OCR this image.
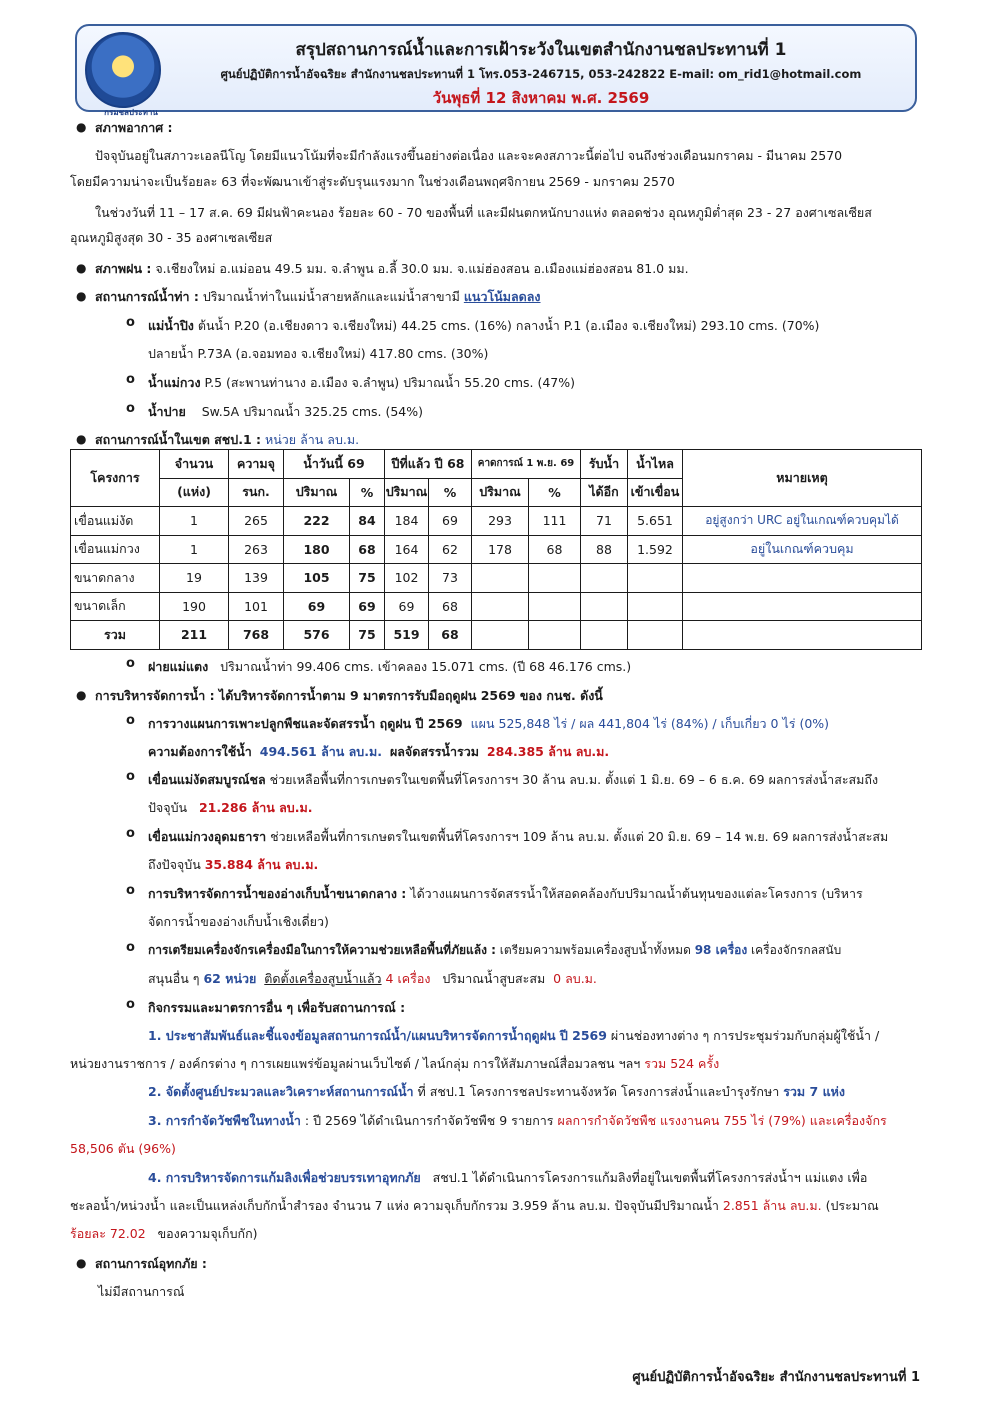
กรมชลประทาน
สรุปสถานการณ์น้ำและการเฝ้าระวังในเขตสำนักงานชลประทานที่ 1
ศูนย์ปฏิบัติการน้ำอัจฉริยะ สำนักงานชลประทานที่ 1 โทร.053-246715, 053-242822 E-mail: om_rid1@hotmail.com
วันพุธที่ 12 สิงหาคม พ.ศ. 2569
● สภาพอากาศ :
ปัจจุบันอยู่ในสภาวะเอลนีโญ โดยมีแนวโน้มที่จะมีกำลังแรงขึ้นอย่างต่อเนื่อง และจะคงสภาวะนี้ต่อไป จนถึงช่วงเดือนมกราคม - มีนาคม 2570
โดยมีความน่าจะเป็นร้อยละ 63 ที่จะพัฒนาเข้าสู่ระดับรุนแรงมาก ในช่วงเดือนพฤศจิกายน 2569 - มกราคม 2570
ในช่วงวันที่ 11 – 17 ส.ค. 69 มีฝนฟ้าคะนอง ร้อยละ 60 - 70 ของพื้นที่ และมีฝนตกหนักบางแห่ง ตลอดช่วง อุณหภูมิต่ำสุด 23 - 27 องศาเซลเซียส
อุณหภูมิสูงสุด 30 - 35 องศาเซลเซียส
● สภาพฝน : จ.เชียงใหม่ อ.แม่ออน 49.5 มม. จ.ลำพูน อ.ลี้ 30.0 มม. จ.แม่ฮ่องสอน อ.เมืองแม่ฮ่องสอน 81.0 มม.
● สถานการณ์น้ำท่า : ปริมาณน้ำท่าในแม่น้ำสายหลักและแม่น้ำสาขามี แนวโน้มลดลง
o แม่น้ำปิง ต้นน้ำ P.20 (อ.เชียงดาว จ.เชียงใหม่) 44.25 cms. (16%) กลางน้ำ P.1 (อ.เมือง จ.เชียงใหม่) 293.10 cms. (70%)
ปลายน้ำ P.73A (อ.จอมทอง จ.เชียงใหม่) 417.80 cms. (30%)
o น้ำแม่กวง P.5 (สะพานท่านาง อ.เมือง จ.ลำพูน) ปริมาณน้ำ 55.20 cms. (47%)
o น้ำปาย Sw.5A ปริมาณน้ำ 325.25 cms. (54%)
● สถานการณ์น้ำในเขต สชป.1 : หน่วย ล้าน ลบ.ม.
โครงการ	จำนวน	ความจุ	น้ำวันนี้ 69		ปีที่แล้ว ปี 68		คาดการณ์ 1 พ.ย. 69		รับน้ำ	น้ำไหล	หมายเหตุ
	(แห่ง)	รนก.	ปริมาณ	%	ปริมาณ	%	ปริมาณ	%	ได้อีก	เข้าเขื่อน	
เขื่อนแม่งัด	1	265	222	84	184	69	293	111	71	5.651	อยู่สูงกว่า URC อยู่ในเกณฑ์ควบคุมได้
เขื่อนแม่กวง	1	263	180	68	164	62	178	68	88	1.592	อยู่ในเกณฑ์ควบคุม
ขนาดกลาง	19	139	105	75	102	73					
ขนาดเล็ก	190	101	69	69	69	68					
รวม	211	768	576	75	519	68					
o ฝายแม่แตง ปริมาณน้ำท่า 99.406 cms. เข้าคลอง 15.071 cms. (ปี 68 46.176 cms.)
● การบริหารจัดการน้ำ : ได้บริหารจัดการน้ำตาม 9 มาตรการรับมือฤดูฝน 2569 ของ กนช. ดังนี้
o การวางแผนการเพาะปลูกพืชและจัดสรรน้ำ ฤดูฝน ปี 2569 แผน 525,848 ไร่ / ผล 441,804 ไร่ (84%) / เก็บเกี่ยว 0 ไร่ (0%)
ความต้องการใช้น้ำ 494.561 ล้าน ลบ.ม. ผลจัดสรรน้ำรวม 284.385 ล้าน ลบ.ม.
o เขื่อนแม่งัดสมบูรณ์ชล ช่วยเหลือพื้นที่การเกษตรในเขตพื้นที่โครงการฯ 30 ล้าน ลบ.ม. ตั้งแต่ 1 มิ.ย. 69 – 6 ธ.ค. 69 ผลการส่งน้ำสะสมถึง
ปัจจุบัน 21.286 ล้าน ลบ.ม.
o เขื่อนแม่กวงอุดมธารา ช่วยเหลือพื้นที่การเกษตรในเขตพื้นที่โครงการฯ 109 ล้าน ลบ.ม. ตั้งแต่ 20 มิ.ย. 69 – 14 พ.ย. 69 ผลการส่งน้ำสะสม
ถึงปัจจุบัน 35.884 ล้าน ลบ.ม.
o การบริหารจัดการน้ำของอ่างเก็บน้ำขนาดกลาง : ได้วางแผนการจัดสรรน้ำให้สอดคล้องกับปริมาณน้ำต้นทุนของแต่ละโครงการ (บริหาร
จัดการน้ำของอ่างเก็บน้ำเชิงเดี่ยว)
o การเตรียมเครื่องจักรเครื่องมือในการให้ความช่วยเหลือพื้นที่ภัยแล้ง : เตรียมความพร้อมเครื่องสูบน้ำทั้งหมด 98 เครื่อง เครื่องจักรกลสนับ
สนุนอื่น ๆ 62 หน่วย ติดตั้งเครื่องสูบน้ำแล้ว 4 เครื่อง ปริมาณน้ำสูบสะสม 0 ลบ.ม.
o กิจกรรมและมาตรการอื่น ๆ เพื่อรับสถานการณ์ :
1. ประชาสัมพันธ์และชี้แจงข้อมูลสถานการณ์น้ำ/แผนบริหารจัดการน้ำฤดูฝน ปี 2569 ผ่านช่องทางต่าง ๆ การประชุมร่วมกับกลุ่มผู้ใช้น้ำ /
หน่วยงานราชการ / องค์กรต่าง ๆ การเผยแพร่ข้อมูลผ่านเว็บไซต์ / ไลน์กลุ่ม การให้สัมภาษณ์สื่อมวลชน ฯลฯ รวม 524 ครั้ง
2. จัดตั้งศูนย์ประมวลและวิเคราะห์สถานการณ์น้ำ ที่ สชป.1 โครงการชลประทานจังหวัด โครงการส่งน้ำและบำรุงรักษา รวม 7 แห่ง
3. การกำจัดวัชพืชในทางน้ำ : ปี 2569 ได้ดำเนินการกำจัดวัชพืช 9 รายการ ผลการกำจัดวัชพืช แรงงานคน 755 ไร่ (79%) และเครื่องจักร
58,506 ตัน (96%)
4. การบริหารจัดการแก้มลิงเพื่อช่วยบรรเทาอุทกภัย สชป.1 ได้ดำเนินการโครงการแก้มลิงที่อยู่ในเขตพื้นที่โครงการส่งน้ำฯ แม่แตง เพื่อ
ชะลอน้ำ/หน่วงน้ำ และเป็นแหล่งเก็บกักน้ำสำรอง จำนวน 7 แห่ง ความจุเก็บกักรวม 3.959 ล้าน ลบ.ม. ปัจจุบันมีปริมาณน้ำ 2.851 ล้าน ลบ.ม. (ประมาณ
ร้อยละ 72.02 ของความจุเก็บกัก)
● สถานการณ์อุทกภัย :
ไม่มีสถานการณ์
ศูนย์ปฏิบัติการน้ำอัจฉริยะ สำนักงานชลประทานที่ 1
